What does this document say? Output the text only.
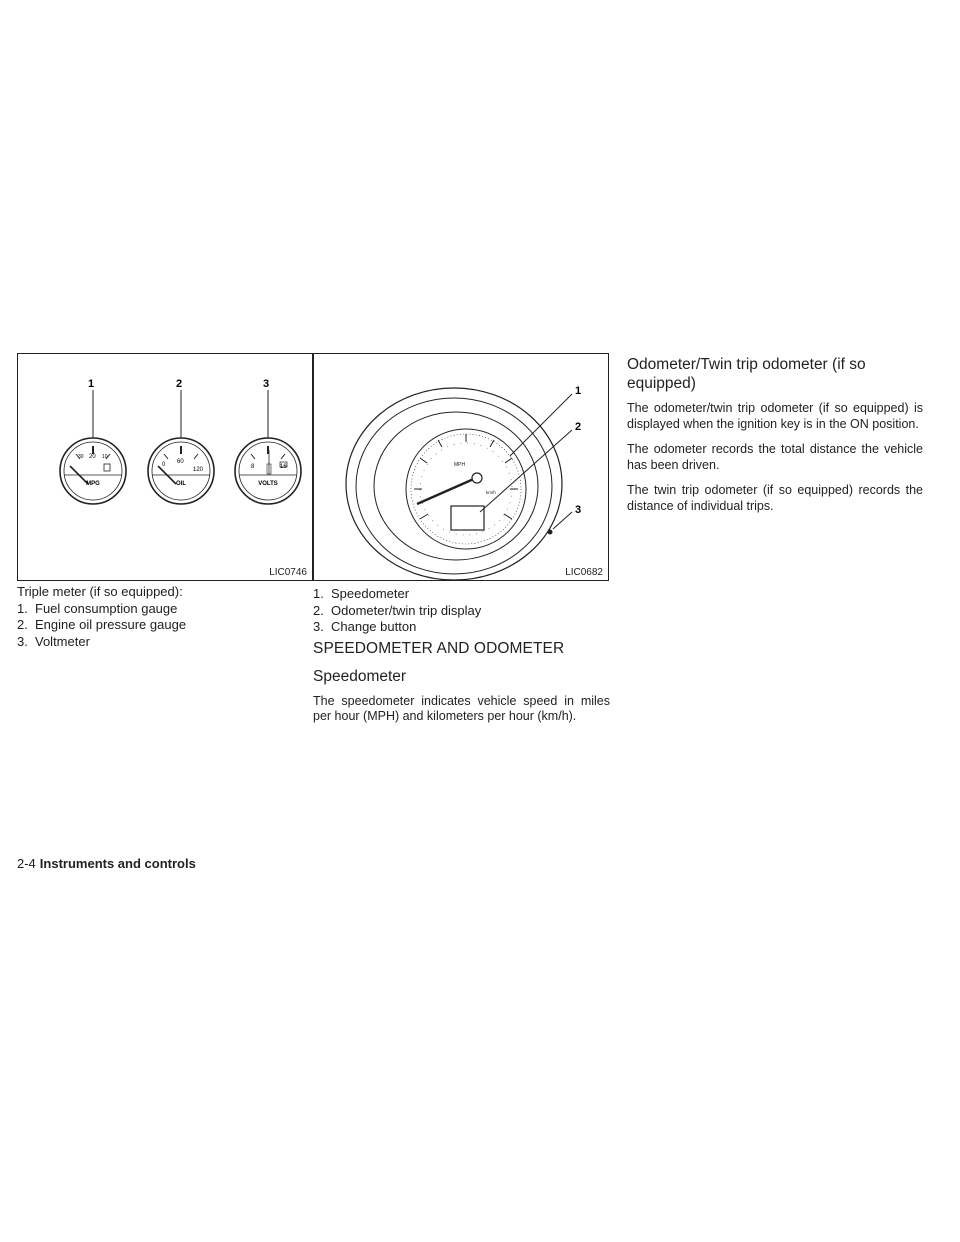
1	2	3
30 20 10
MPG
0 60
120
OIL
8	16
VOLTS
LIC0746

Triple meter (if so equipped):

1. Fuel consumption gauge

2. Engine oil pressure gauge

3. Voltmeter

MPH
km/h
1
2
3
LIC0682

1. Speedometer

2. Odometer/twin trip display

3. Change button

SPEEDOMETER AND ODOMETER
Speedometer

The speedometer indicates vehicle speed in miles per hour (MPH) and kilometers per hour (km/h).

Odometer/Twin trip odometer (if so equipped)

The odometer/twin trip odometer (if so equipped) is displayed when the ignition key is in the ON position.

The odometer records the total distance the vehicle has been driven.

The twin trip odometer (if so equipped) records the distance of individual trips.

2-4 Instruments and controls
